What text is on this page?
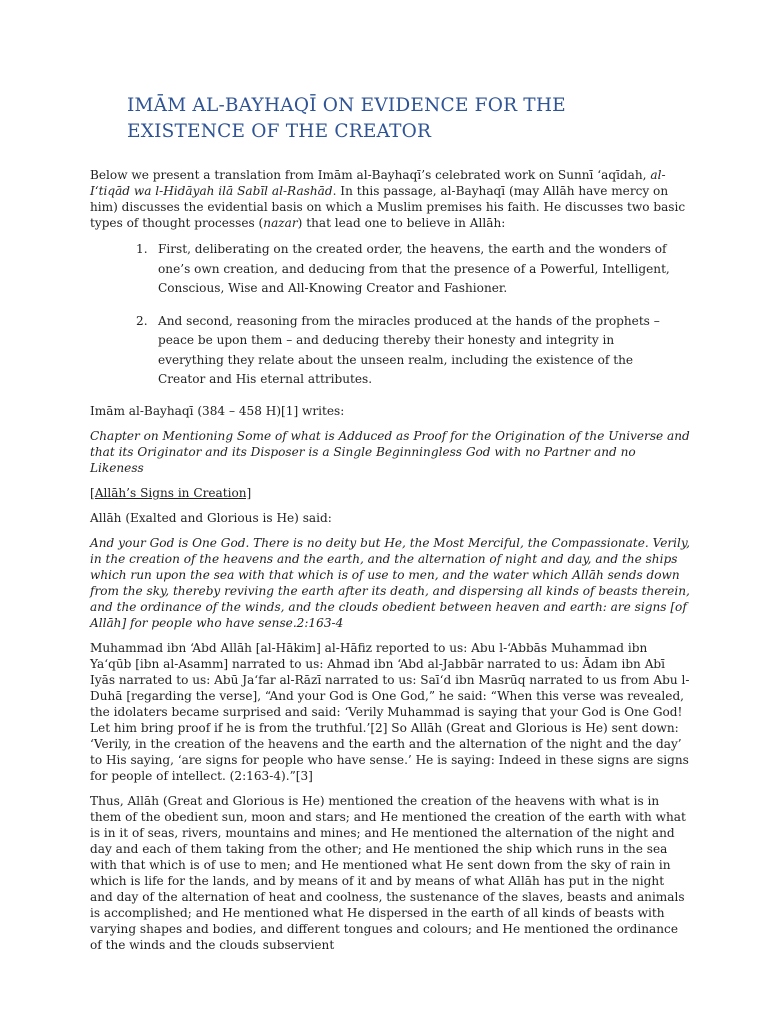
IMĀM AL-BAYHAQĪ ON EVIDENCE FOR THE
EXISTENCE OF THE CREATOR

Below we present a translation from Imām al-Bayhaqī’s celebrated work on Sunnī ‘aqīdah, al-I‘tiqād wa l-Hidāyah ilā Sabīl al-Rashād. In this passage, al-Bayhaqī (may Allāh have mercy on him) discusses the evidential basis on which a Muslim premises his faith. He discusses two basic types of thought processes (nazar) that lead one to believe in Allāh:

1. First, deliberating on the created order, the heavens, the earth and the wonders of one’s own creation, and deducing from that the presence of a Powerful, Intelligent, Conscious, Wise and All-Knowing Creator and Fashioner.
2. And second, reasoning from the miracles produced at the hands of the prophets – peace be upon them – and deducing thereby their honesty and integrity in everything they relate about the unseen realm, including the existence of the Creator and His eternal attributes.

Imām al-Bayhaqī (384 – 458 H)[1] writes:

Chapter on Mentioning Some of what is Adduced as Proof for the Origination of the Universe and that its Originator and its Disposer is a Single Beginningless God with no Partner and no Likeness

[Allāh’s Signs in Creation]

Allāh (Exalted and Glorious is He) said:

And your God is One God. There is no deity but He, the Most Merciful, the Compassionate. Verily, in the creation of the heavens and the earth, and the alternation of night and day, and the ships which run upon the sea with that which is of use to men, and the water which Allāh sends down from the sky, thereby reviving the earth after its death, and dispersing all kinds of beasts therein, and the ordinance of the winds, and the clouds obedient between heaven and earth: are signs [of Allāh] for people who have sense.2:163-4

Muhammad ibn ‘Abd Allāh [al-Hākim] al-Hāfiz reported to us: Abu l-‘Abbās Muhammad ibn Ya‘qūb [ibn al-Asamm] narrated to us: Ahmad ibn ‘Abd al-Jabbār narrated to us: Ādam ibn Abī Iyās narrated to us: Abū Ja‘far al-Rāzī narrated to us: Saī‘d ibn Masrūq narrated to us from Abu l-Duhā [regarding the verse], “And your God is One God,” he said: “When this verse was revealed, the idolaters became surprised and said: ‘Verily Muhammad is saying that your God is One God! Let him bring proof if he is from the truthful.’[2] So Allāh (Great and Glorious is He) sent down: ‘Verily, in the creation of the heavens and the earth and the alternation of the night and the day’ to His saying, ‘are signs for people who have sense.’ He is saying: Indeed in these signs are signs for people of intellect. (2:163-4).”[3]

Thus, Allāh (Great and Glorious is He) mentioned the creation of the heavens with what is in them of the obedient sun, moon and stars; and He mentioned the creation of the earth with what is in it of seas, rivers, mountains and mines; and He mentioned the alternation of the night and day and each of them taking from the other; and He mentioned the ship which runs in the sea with that which is of use to men; and He mentioned what He sent down from the sky of rain in which is life for the lands, and by means of it and by means of what Allāh has put in the night and day of the alternation of heat and coolness, the sustenance of the slaves, beasts and animals is accomplished; and He mentioned what He dispersed in the earth of all kinds of beasts with varying shapes and bodies, and different tongues and colours; and He mentioned the ordinance of the winds and the clouds subservient
